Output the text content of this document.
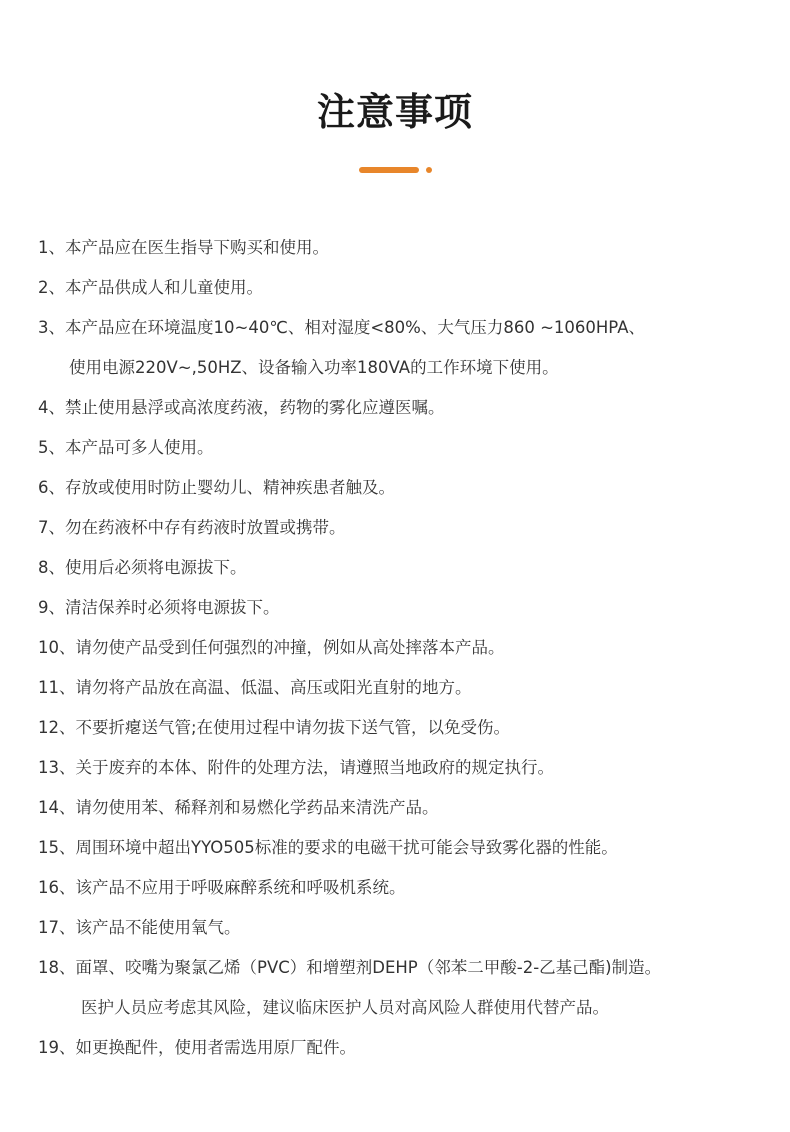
注意事项
1、本产品应在医生指导下购买和使用。
2、本产品供成人和儿童使用。
3、本产品应在环境温度10~40℃、相对湿度<80%、大气压力860 ~1060HPA、
使用电源220V~,50HZ、设备输入功率180VA的工作环境下使用。
4、禁止使用悬浮或高浓度药液，药物的雾化应遵医嘱。
5、本产品可多人使用。
6、存放或使用时防止婴幼儿、精神疾患者触及。
7、勿在药液杯中存有药液时放置或携带。
8、使用后必须将电源拔下。
9、清洁保养时必须将电源拔下。
10、请勿使产品受到任何强烈的冲撞，例如从高处摔落本产品。
11、请勿将产品放在高温、低温、高压或阳光直射的地方。
12、不要折瘪送气管;在使用过程中请勿拔下送气管，以免受伤。
13、关于废弃的本体、附件的处理方法，请遵照当地政府的规定执行。
14、请勿使用苯、稀释剂和易燃化学药品来清洗产品。
15、周围环境中超出YYO505标准的要求的电磁干扰可能会导致雾化器的性能。
16、该产品不应用于呼吸麻醉系统和呼吸机系统。
17、该产品不能使用氧气。
18、面罩、咬嘴为聚氯乙烯（PVC）和增塑剂DEHP（邻苯二甲酸-2-乙基己酯)制造。
医护人员应考虑其风险，建议临床医护人员对高风险人群使用代替产品。
19、如更换配件，使用者需选用原厂配件。
